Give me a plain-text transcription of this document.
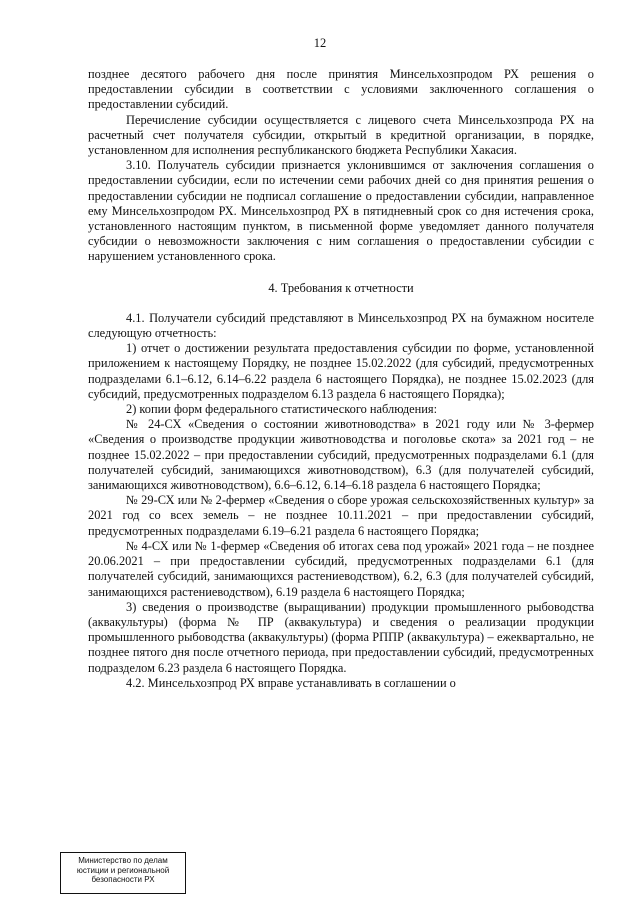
12

позднее десятого рабочего дня после принятия Минсельхозпродом РХ решения о предоставлении субсидии в соответствии с условиями заключенного соглашения о предоставлении субсидий.

Перечисление субсидии осуществляется с лицевого счета Минсельхозпрода РХ на расчетный счет получателя субсидии, открытый в кредитной организации, в порядке, установленном для исполнения республиканского бюджета Республики Хакасия.

3.10. Получатель субсидии признается уклонившимся от заключения соглашения о предоставлении субсидии, если по истечении семи рабочих дней со дня принятия решения о предоставлении субсидии не подписал соглашение о предоставлении субсидии, направленное ему Минсельхозпродом РХ. Минсельхозпрод РХ в пятидневный срок со дня истечения срока, установленного настоящим пунктом, в письменной форме уведомляет данного получателя субсидии о невозможности заключения с ним соглашения о предоставлении субсидии с нарушением установленного срока.

4. Требования к отчетности

4.1. Получатели субсидий представляют в Минсельхозпрод РХ на бумажном носителе следующую отчетность:

1) отчет о достижении результата предоставления субсидии по форме, установленной приложением к настоящему Порядку, не позднее 15.02.2022 (для субсидий, предусмотренных подразделами 6.1–6.12, 6.14–6.22 раздела 6 настоящего Порядка), не позднее 15.02.2023 (для субсидий, предусмотренных подразделом 6.13 раздела 6 настоящего Порядка);

2) копии форм федерального статистического наблюдения:

№ 24-СХ «Сведения о состоянии животноводства» в 2021 году или № 3-фермер «Сведения о производстве продукции животноводства и поголовье скота» за 2021 год – не позднее 15.02.2022 – при предоставлении субсидий, предусмотренных подразделами 6.1 (для получателей субсидий, занимающихся животноводством), 6.3 (для получателей субсидий, занимающихся животноводством), 6.6–6.12, 6.14–6.18 раздела 6 настоящего Порядка;

№ 29-СХ или № 2-фермер «Сведения о сборе урожая сельскохозяйственных культур» за 2021 год со всех земель – не позднее 10.11.2021 – при предоставлении субсидий, предусмотренных подразделами 6.19–6.21 раздела 6 настоящего Порядка;

№ 4-СХ или № 1-фермер «Сведения об итогах сева под урожай» 2021 года – не позднее 20.06.2021 – при предоставлении субсидий, предусмотренных подразделами 6.1 (для получателей субсидий, занимающихся растениеводством), 6.2, 6.3 (для получателей субсидий, занимающихся растениеводством), 6.19 раздела 6 настоящего Порядка;

3) сведения о производстве (выращивании) продукции промышленного рыбоводства (аквакультуры) (форма № ПР (аквакультура) и сведения о реализации продукции промышленного рыбоводства (аквакультуры) (форма РППР (аквакультура) – ежеквартально, не позднее пятого дня после отчетного периода, при предоставлении субсидий, предусмотренных подразделом 6.23 раздела 6 настоящего Порядка.

4.2. Минсельхозпрод РХ вправе устанавливать в соглашении о

Министерство по делам
юстиции и региональной
безопасности РХ
